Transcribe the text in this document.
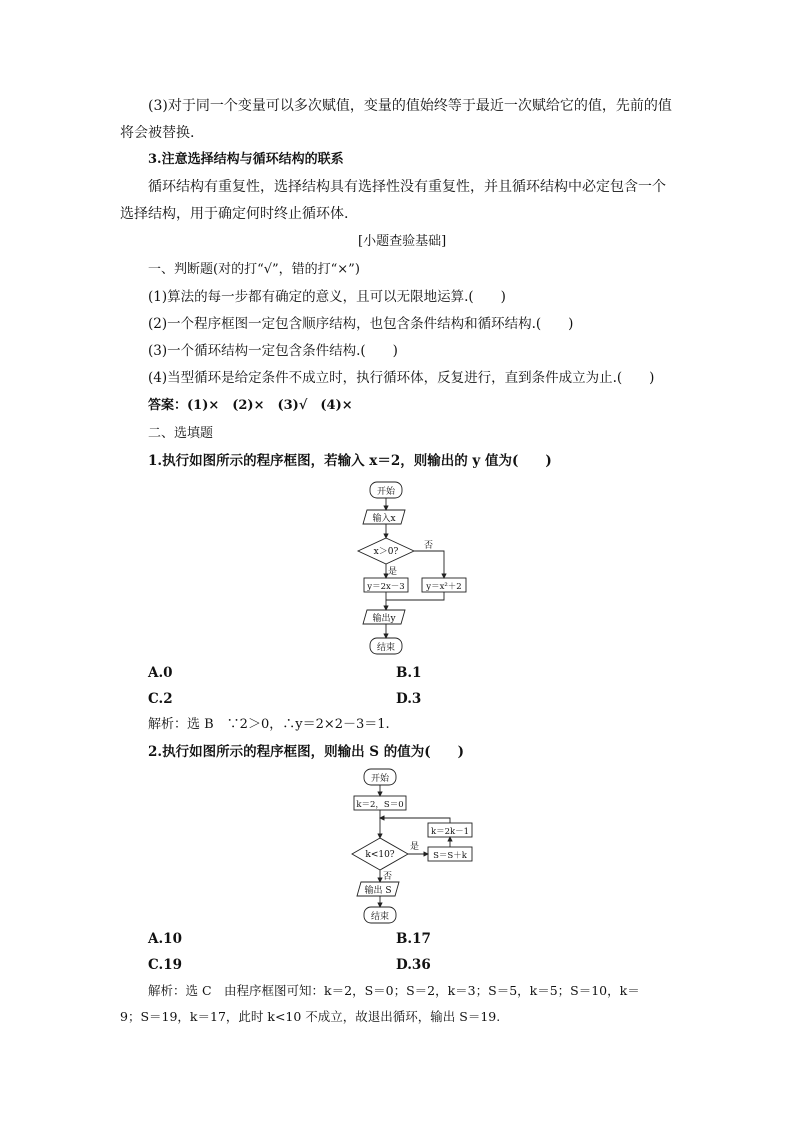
(3)对于同一个变量可以多次赋值，变量的值始终等于最近一次赋给它的值，先前的值
将会被替换.
3.注意选择结构与循环结构的联系
循环结构有重复性，选择结构具有选择性没有重复性，并且循环结构中必定包含一个
选择结构，用于确定何时终止循环体.
[小题查验基础]
一、判断题(对的打“√”，错的打“×”)
(1)算法的每一步都有确定的意义，且可以无限地运算.(　　)
(2)一个程序框图一定包含顺序结构，也包含条件结构和循环结构.(　　)
(3)一个循环结构一定包含条件结构.(　　)
(4)当型循环是给定条件不成立时，执行循环体，反复进行，直到条件成立为止.(　　)
答案：(1)×　(2)×　(3)√　(4)×
二、选填题
1.执行如图所示的程序框图，若输入 x＝2，则输出的 y 值为(　　)
开始
输入x
x＞0?
否
是
y＝2x－3	y＝x²＋2
输出y
结束
A.0	B.1
C.2	D.3
解析：选 B　∵2＞0，∴y＝2×2－3＝1.
2.执行如图所示的程序框图，则输出 S 的值为(　　)
开始
k＝2，S＝0
k<10?
是
否
S＝S＋k
k＝2k－1
输出 S
结束
A.10	B.17
C.19	D.36
解析：选 C　由程序框图可知：k＝2，S＝0；S＝2，k＝3；S＝5，k＝5；S＝10，k＝
9；S＝19，k＝17，此时 k<10 不成立，故退出循环，输出 S＝19.
